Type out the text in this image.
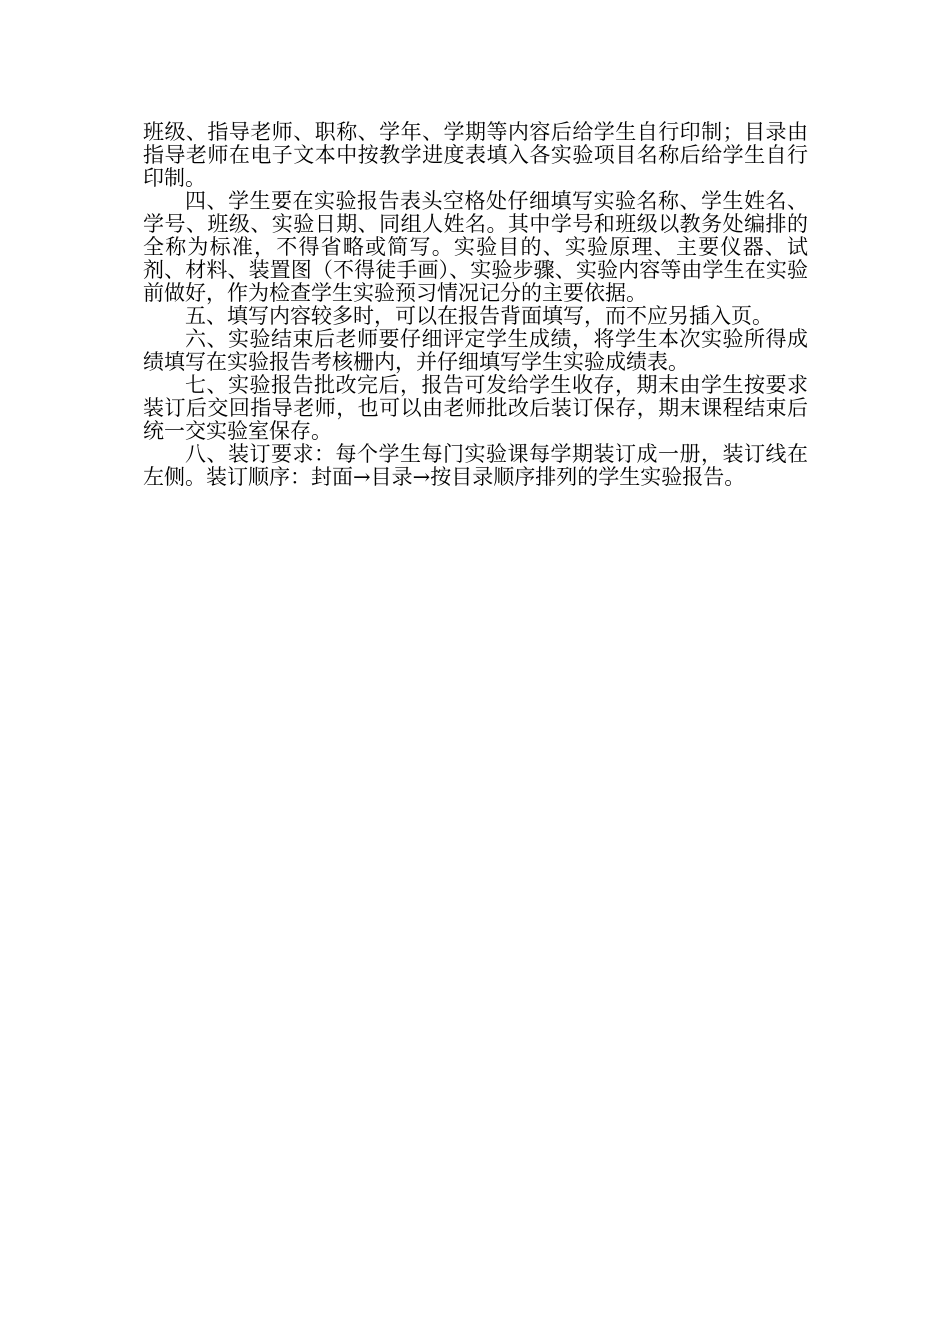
班级、指导老师、职称、学年、学期等内容后给学生自行印制；目录由指导老师在电子文本中按教学进度表填入各实验项目名称后给学生自行印制。

四、学生要在实验报告表头空格处仔细填写实验名称、学生姓名、学号、班级、实验日期、同组人姓名。其中学号和班级以教务处编排的全称为标准，不得省略或简写。实验目的、实验原理、主要仪器、试剂、材料、装置图（不得徒手画）、实验步骤、实验内容等由学生在实验前做好，作为检查学生实验预习情况记分的主要依据。

五、填写内容较多时，可以在报告背面填写，而不应另插入页。

六、实验结束后老师要仔细评定学生成绩，将学生本次实验所得成绩填写在实验报告考核栅内，并仔细填写学生实验成绩表。

七、实验报告批改完后，报告可发给学生收存，期末由学生按要求装订后交回指导老师，也可以由老师批改后装订保存，期末课程结束后统一交实验室保存。

八、装订要求：每个学生每门实验课每学期装订成一册，装订线在左侧。装订顺序：封面→目录→按目录顺序排列的学生实验报告。
